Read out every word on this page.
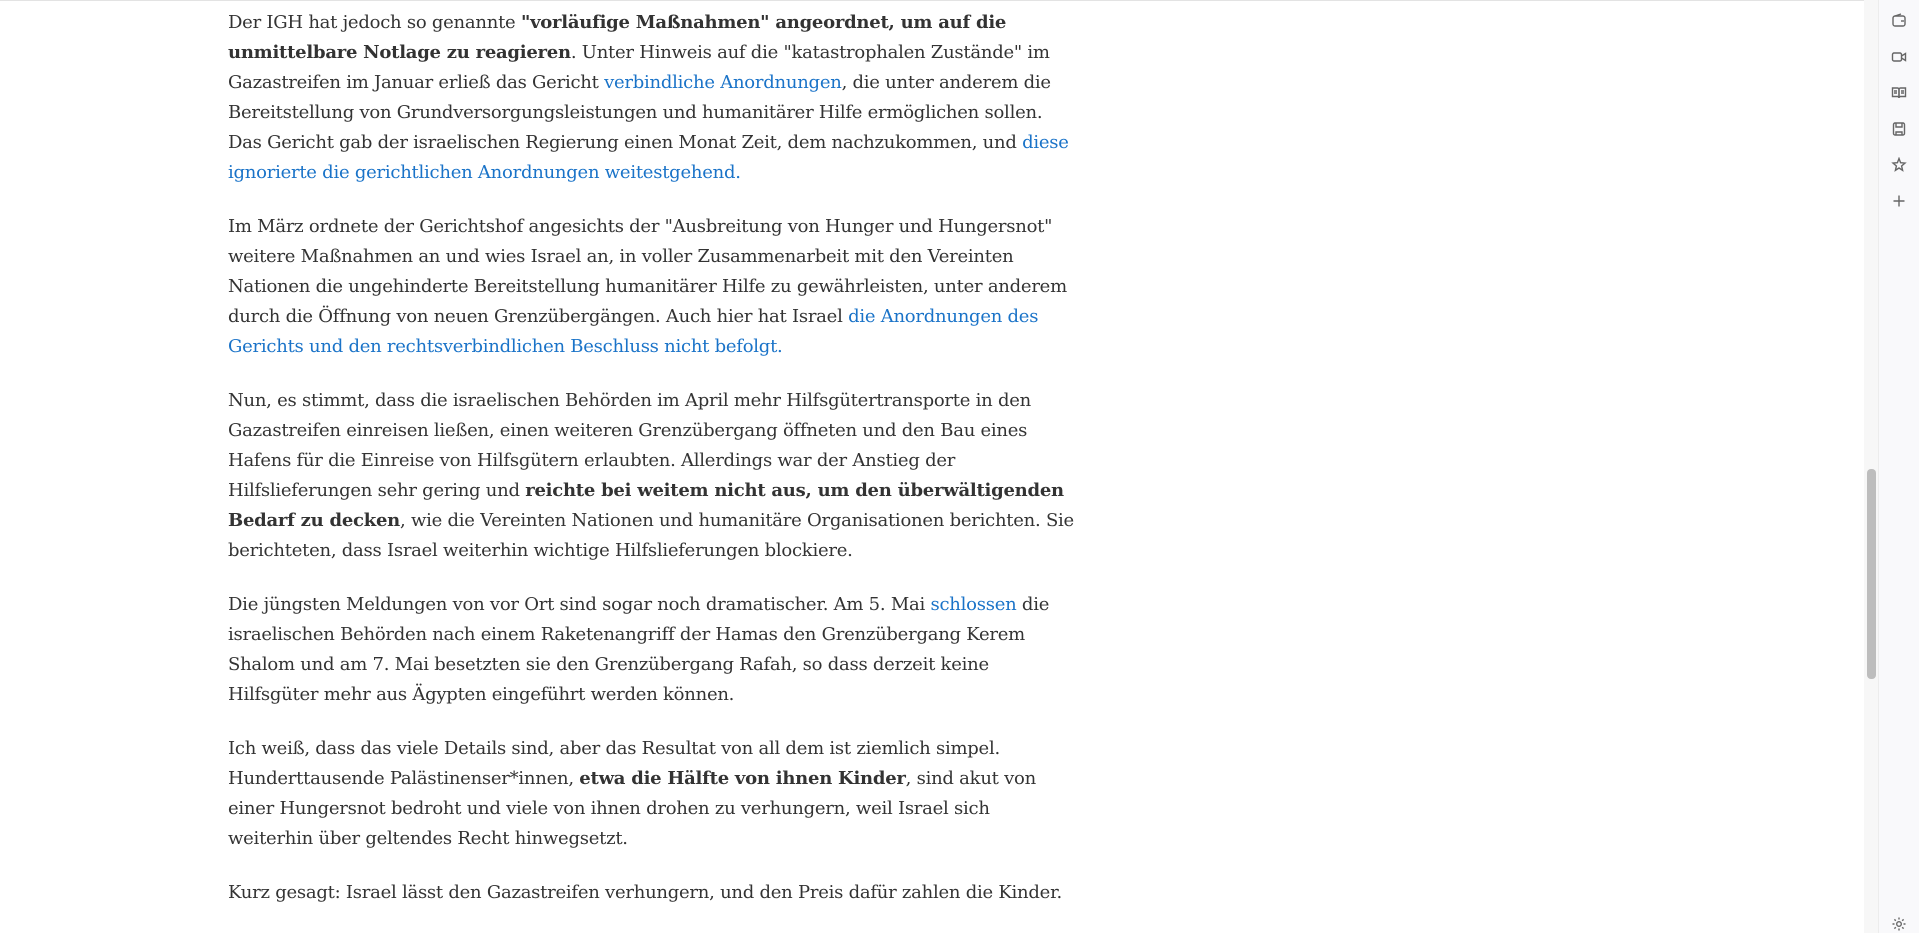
Der IGH hat jedoch so genannte "vorläufige Maßnahmen" angeordnet, um auf die unmittelbare Notlage zu reagieren. Unter Hinweis auf die "katastrophalen Zustände" im Gazastreifen im Januar erließ das Gericht verbindliche Anordnungen, die unter anderem die Bereitstellung von Grundversorgungsleistungen und humanitärer Hilfe ermöglichen sollen. Das Gericht gab der israelischen Regierung einen Monat Zeit, dem nachzukommen, und diese ignorierte die gerichtlichen Anordnungen weitestgehend.

Im März ordnete der Gerichtshof angesichts der "Ausbreitung von Hunger und Hungersnot" weitere Maßnahmen an und wies Israel an, in voller Zusammenarbeit mit den Vereinten Nationen die ungehinderte Bereitstellung humanitärer Hilfe zu gewährleisten, unter anderem durch die Öffnung von neuen Grenzübergängen. Auch hier hat Israel die Anordnungen des Gerichts und den rechtsverbindlichen Beschluss nicht befolgt.

Nun, es stimmt, dass die israelischen Behörden im April mehr Hilfsgütertransporte in den Gazastreifen einreisen ließen, einen weiteren Grenzübergang öffneten und den Bau eines Hafens für die Einreise von Hilfsgütern erlaubten. Allerdings war der Anstieg der Hilfslieferungen sehr gering und reichte bei weitem nicht aus, um den überwältigenden Bedarf zu decken, wie die Vereinten Nationen und humanitäre Organisationen berichten. Sie berichteten, dass Israel weiterhin wichtige Hilfslieferungen blockiere.

Die jüngsten Meldungen von vor Ort sind sogar noch dramatischer. Am 5. Mai schlossen die israelischen Behörden nach einem Raketenangriff der Hamas den Grenzübergang Kerem Shalom und am 7. Mai besetzten sie den Grenzübergang Rafah, so dass derzeit keine Hilfsgüter mehr aus Ägypten eingeführt werden können.

Ich weiß, dass das viele Details sind, aber das Resultat von all dem ist ziemlich simpel. Hunderttausende Palästinenser*innen, etwa die Hälfte von ihnen Kinder, sind akut von einer Hungersnot bedroht und viele von ihnen drohen zu verhungern, weil Israel sich weiterhin über geltendes Recht hinwegsetzt.

Kurz gesagt: Israel lässt den Gazastreifen verhungern, und den Preis dafür zahlen die Kinder.
